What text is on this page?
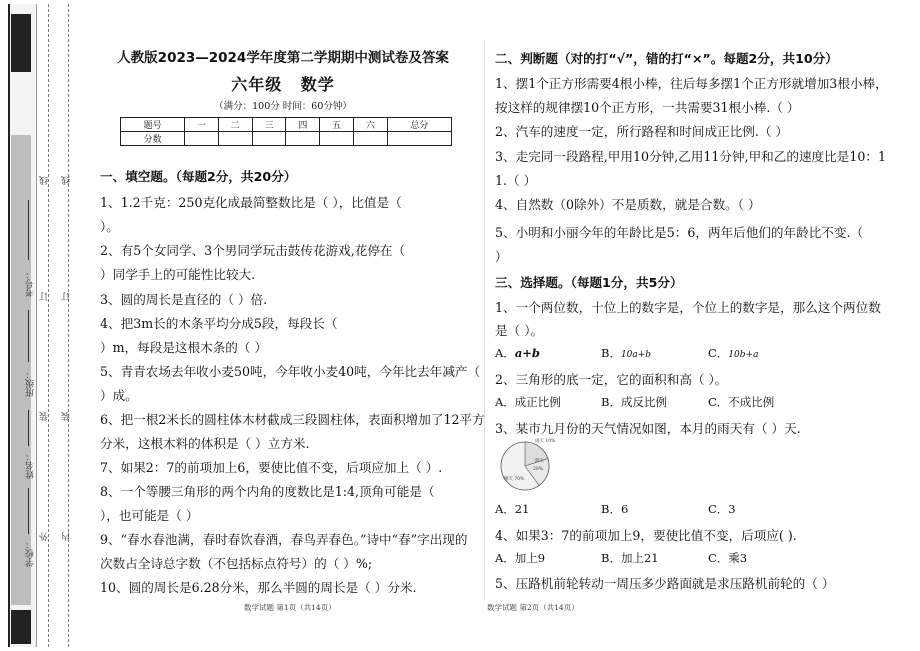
线 线
订 订
装 装
外 内
考号：
班级：
姓名：
学校：
人教版2023—2024学年度第二学期期中测试卷及答案
六年级 数学
（满分：100分 时间：60分钟）
题号	一	二	三	四	五	六	总分
分数							
一、填空题。（每题2分，共20分）
1、1.2千克：250克化成最简整数比是（ ），比值是（
）。
2、有5个女同学、3个男同学玩击鼓传花游戏,花停在（
）同学手上的可能性比较大.
3、圆的周长是直径的（ ）倍.
4、把3m长的木条平均分成5段，每段长（
）m，每段是这根木条的（ ）
5、青青农场去年收小麦50吨，今年收小麦40吨，今年比去年减产（
）成。
6、把一根2米长的圆柱体木材截成三段圆柱体，表面积增加了12平方
分米，这根木料的体积是（ ）立方米.
7、如果2：7的前项加上6，要使比值不变，后项应加上（ ）.
8、一个等腰三角形的两个内角的度数比是1:4,顶角可能是（
），也可能是（ ）
9、“春水春池满，春时春饮春酒，春鸟弄春色。”诗中“春”字出现的
次数占全诗总字数（不包括标点符号）的（ ）%;
10、圆的周长是6.28分米，那么半圆的周长是（ ）分米.
数学试题 第1页（共14页）
二、判断题（对的打“√”，错的打“×”。每题2分，共10分）
1、摆1个正方形需要4根小棒，往后每多摆1个正方形就增加3根小棒，
按这样的规律摆10个正方形，一共需要31根小棒.（ ）
2、汽车的速度一定，所行路程和时间成正比例.（ ）
3、走完同一段路程,甲用10分钟,乙用11分钟,甲和乙的速度比是10：1
1.（ ）
4、自然数（0除外）不是质数，就是合数。（ ）
5、小明和小丽今年的年龄比是5：6，两年后他们的年龄比不变.（
）
三、选择题。（每题1分，共5分）
1、一个两位数，十位上的数字是，个位上的数字是，那么这个两位数
是（ ）。
A．a+b	B．10a+b	C．10b+a
2、三角形的底一定，它的面积和高（ ）。
A．成正比例	B．成反比例	C．不成比例
3、某市九月份的天气情况如图，本月的雨天有（ ）天.
雨天 10%
阴天
20%
晴天 70%
A．21	B．6	C．3
4、如果3：7的前项加上9，要使比值不变，后项应( ).
A．加上9	B．加上21	C．乘3
5、压路机前轮转动一周压多少路面就是求压路机前轮的（ ）
数学试题 第2页（共14页）
